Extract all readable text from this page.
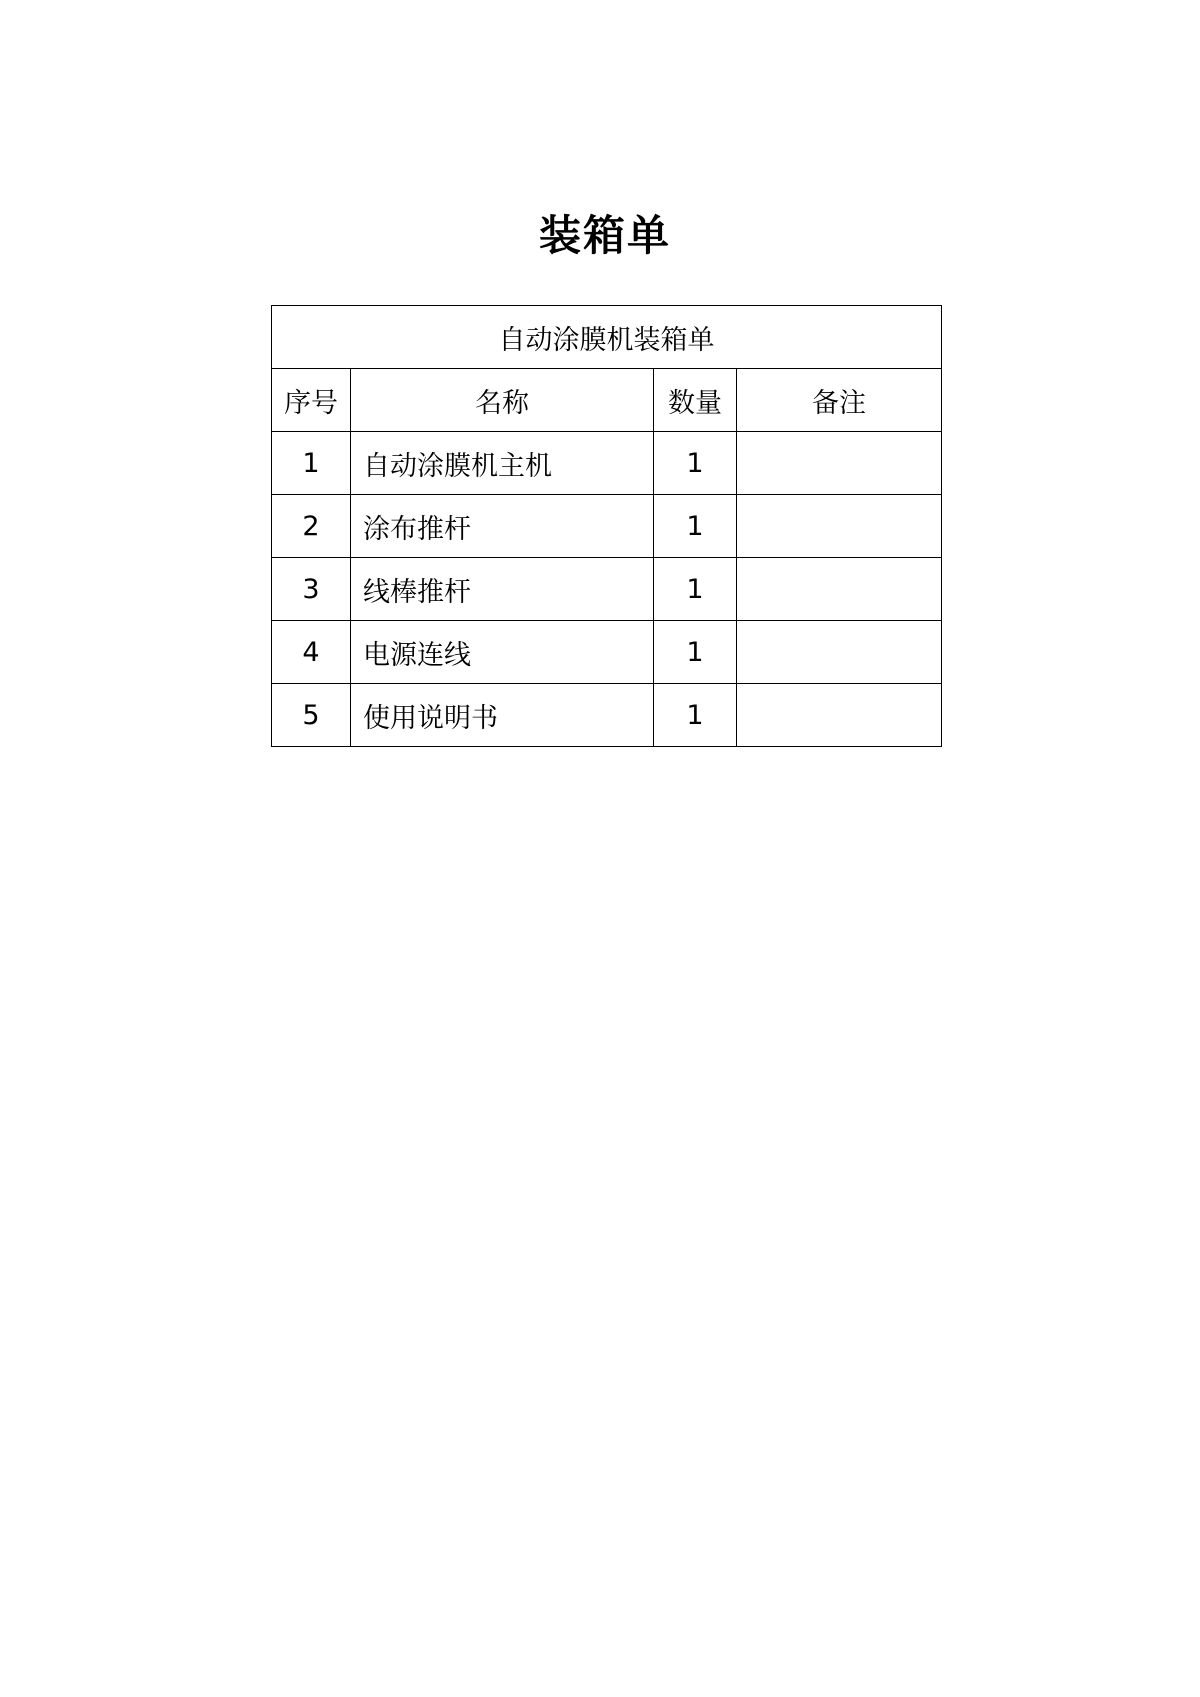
装箱单
自动涂膜机装箱单			
序号	名称	数量	备注
1	自动涂膜机主机	1	
2	涂布推杆	1	
3	线棒推杆	1	
4	电源连线	1	
5	使用说明书	1	
